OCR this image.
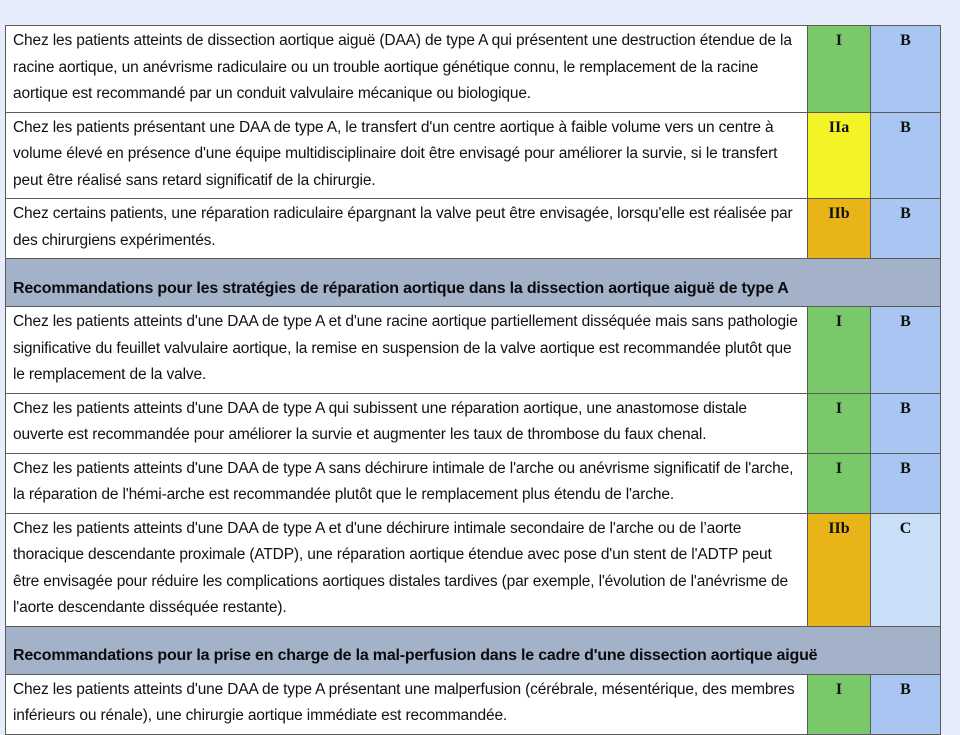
Chez les patients atteints de dissection aortique aiguë (DAA) de type A qui présentent une destruction étendue de la racine aortique, un anévrisme radiculaire ou un trouble aortique génétique connu, le remplacement de la racine aortique est recommandé par un conduit valvulaire mécanique ou biologique.	I	B
Chez les patients présentant une DAA de type A, le transfert d'un centre aortique à faible volume vers un centre à volume élevé en présence d'une équipe multidisciplinaire doit être envisagé pour améliorer la survie, si le transfert peut être réalisé sans retard significatif de la chirurgie.	IIa	B
Chez certains patients, une réparation radiculaire épargnant la valve peut être envisagée, lorsqu'elle est réalisée par des chirurgiens expérimentés.	IIb	B
Recommandations pour les stratégies de réparation aortique dans la dissection aortique aiguë de type A		
Chez les patients atteints d'une DAA de type A et d'une racine aortique partiellement disséquée mais sans pathologie significative du feuillet valvulaire aortique, la remise en suspension de la valve aortique est recommandée plutôt que le remplacement de la valve.	I	B
Chez les patients atteints d'une DAA de type A qui subissent une réparation aortique, une anastomose distale ouverte est recommandée pour améliorer la survie et augmenter les taux de thrombose du faux chenal.	I	B
Chez les patients atteints d'une DAA de type A sans déchirure intimale de l'arche ou anévrisme significatif de l'arche, la réparation de l'hémi-arche est recommandée plutôt que le remplacement plus étendu de l'arche.	I	B
Chez les patients atteints d'une DAA de type A et d'une déchirure intimale secondaire de l'arche ou de l’aorte thoracique descendante proximale (ATDP), une réparation aortique étendue avec pose d'un stent de l'ADTP peut être envisagée pour réduire les complications aortiques distales tardives (par exemple, l'évolution de l'anévrisme de l'aorte descendante disséquée restante).	IIb	C
Recommandations pour la prise en charge de la mal-perfusion dans le cadre d'une dissection aortique aiguë		
Chez les patients atteints d'une DAA de type A présentant une malperfusion (cérébrale, mésentérique, des membres inférieurs ou rénale), une chirurgie aortique immédiate est recommandée.	I	B
